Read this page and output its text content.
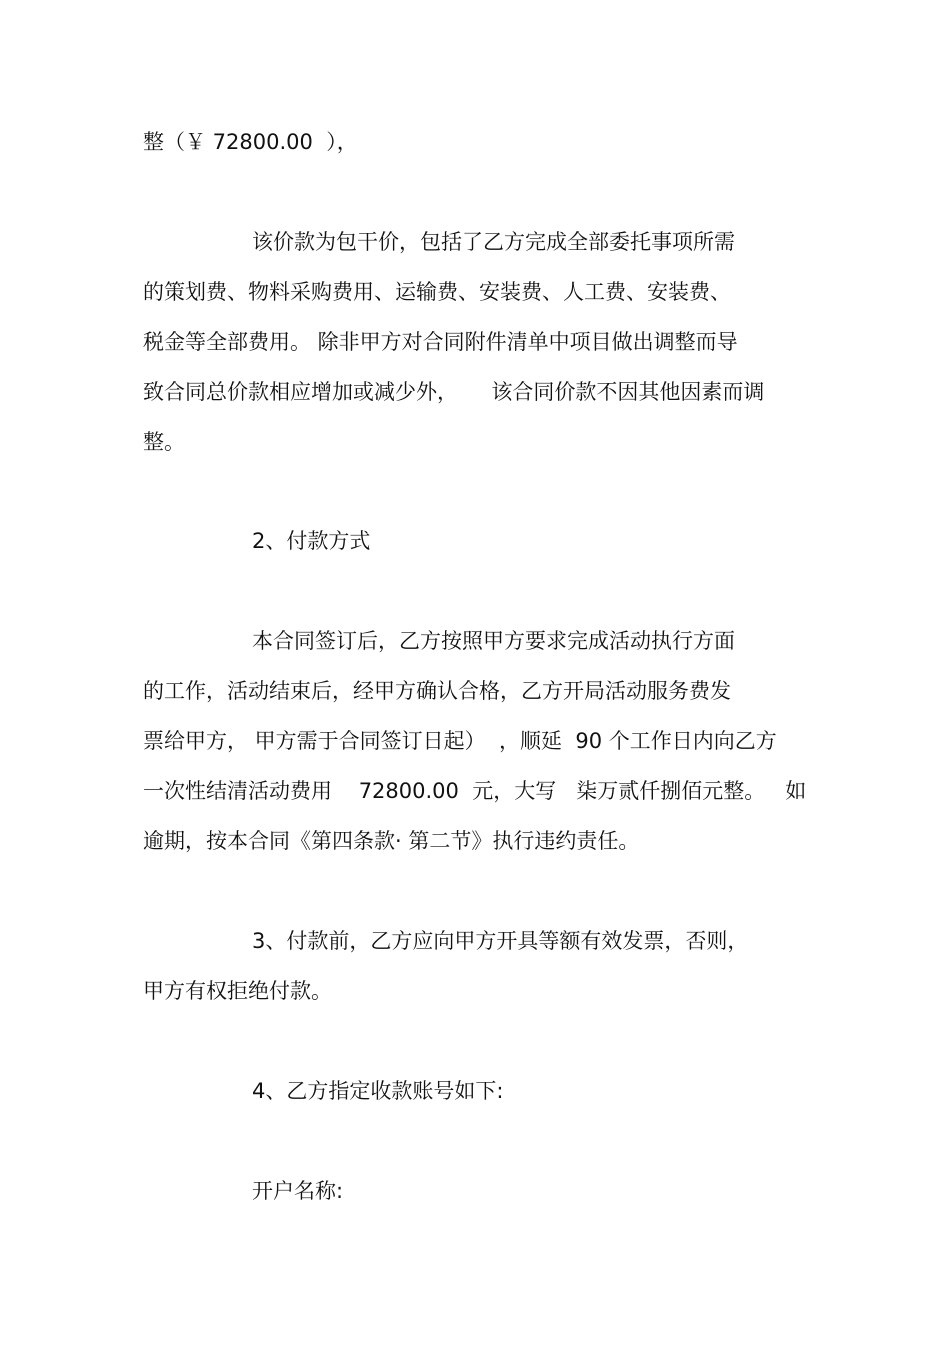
整（￥ 72800.00  ），
该价款为包干价，包括了乙方完成全部委托事项所需
的策划费、物料采购费用、运输费、安装费、人工费、安装费、
税金等全部费用。 除非甲方对合同附件清单中项目做出调整而导
致合同总价款相应增加或减少外，     该合同价款不因其他因素而调
整。
2、付款方式
本合同签订后，乙方按照甲方要求完成活动执行方面
的工作，活动结束后，经甲方确认合格，乙方开局活动服务费发
票给甲方， 甲方需于合同签订日起）  ，顺延  90 个工作日内向乙方
一次性结清活动费用    72800.00  元，大写   柒万贰仟捌佰元整。   如
逾期，按本合同《第四条款· 第二节》执行违约责任。
3、付款前，乙方应向甲方开具等额有效发票，否则，
甲方有权拒绝付款。
4、乙方指定收款账号如下:
开户名称:
